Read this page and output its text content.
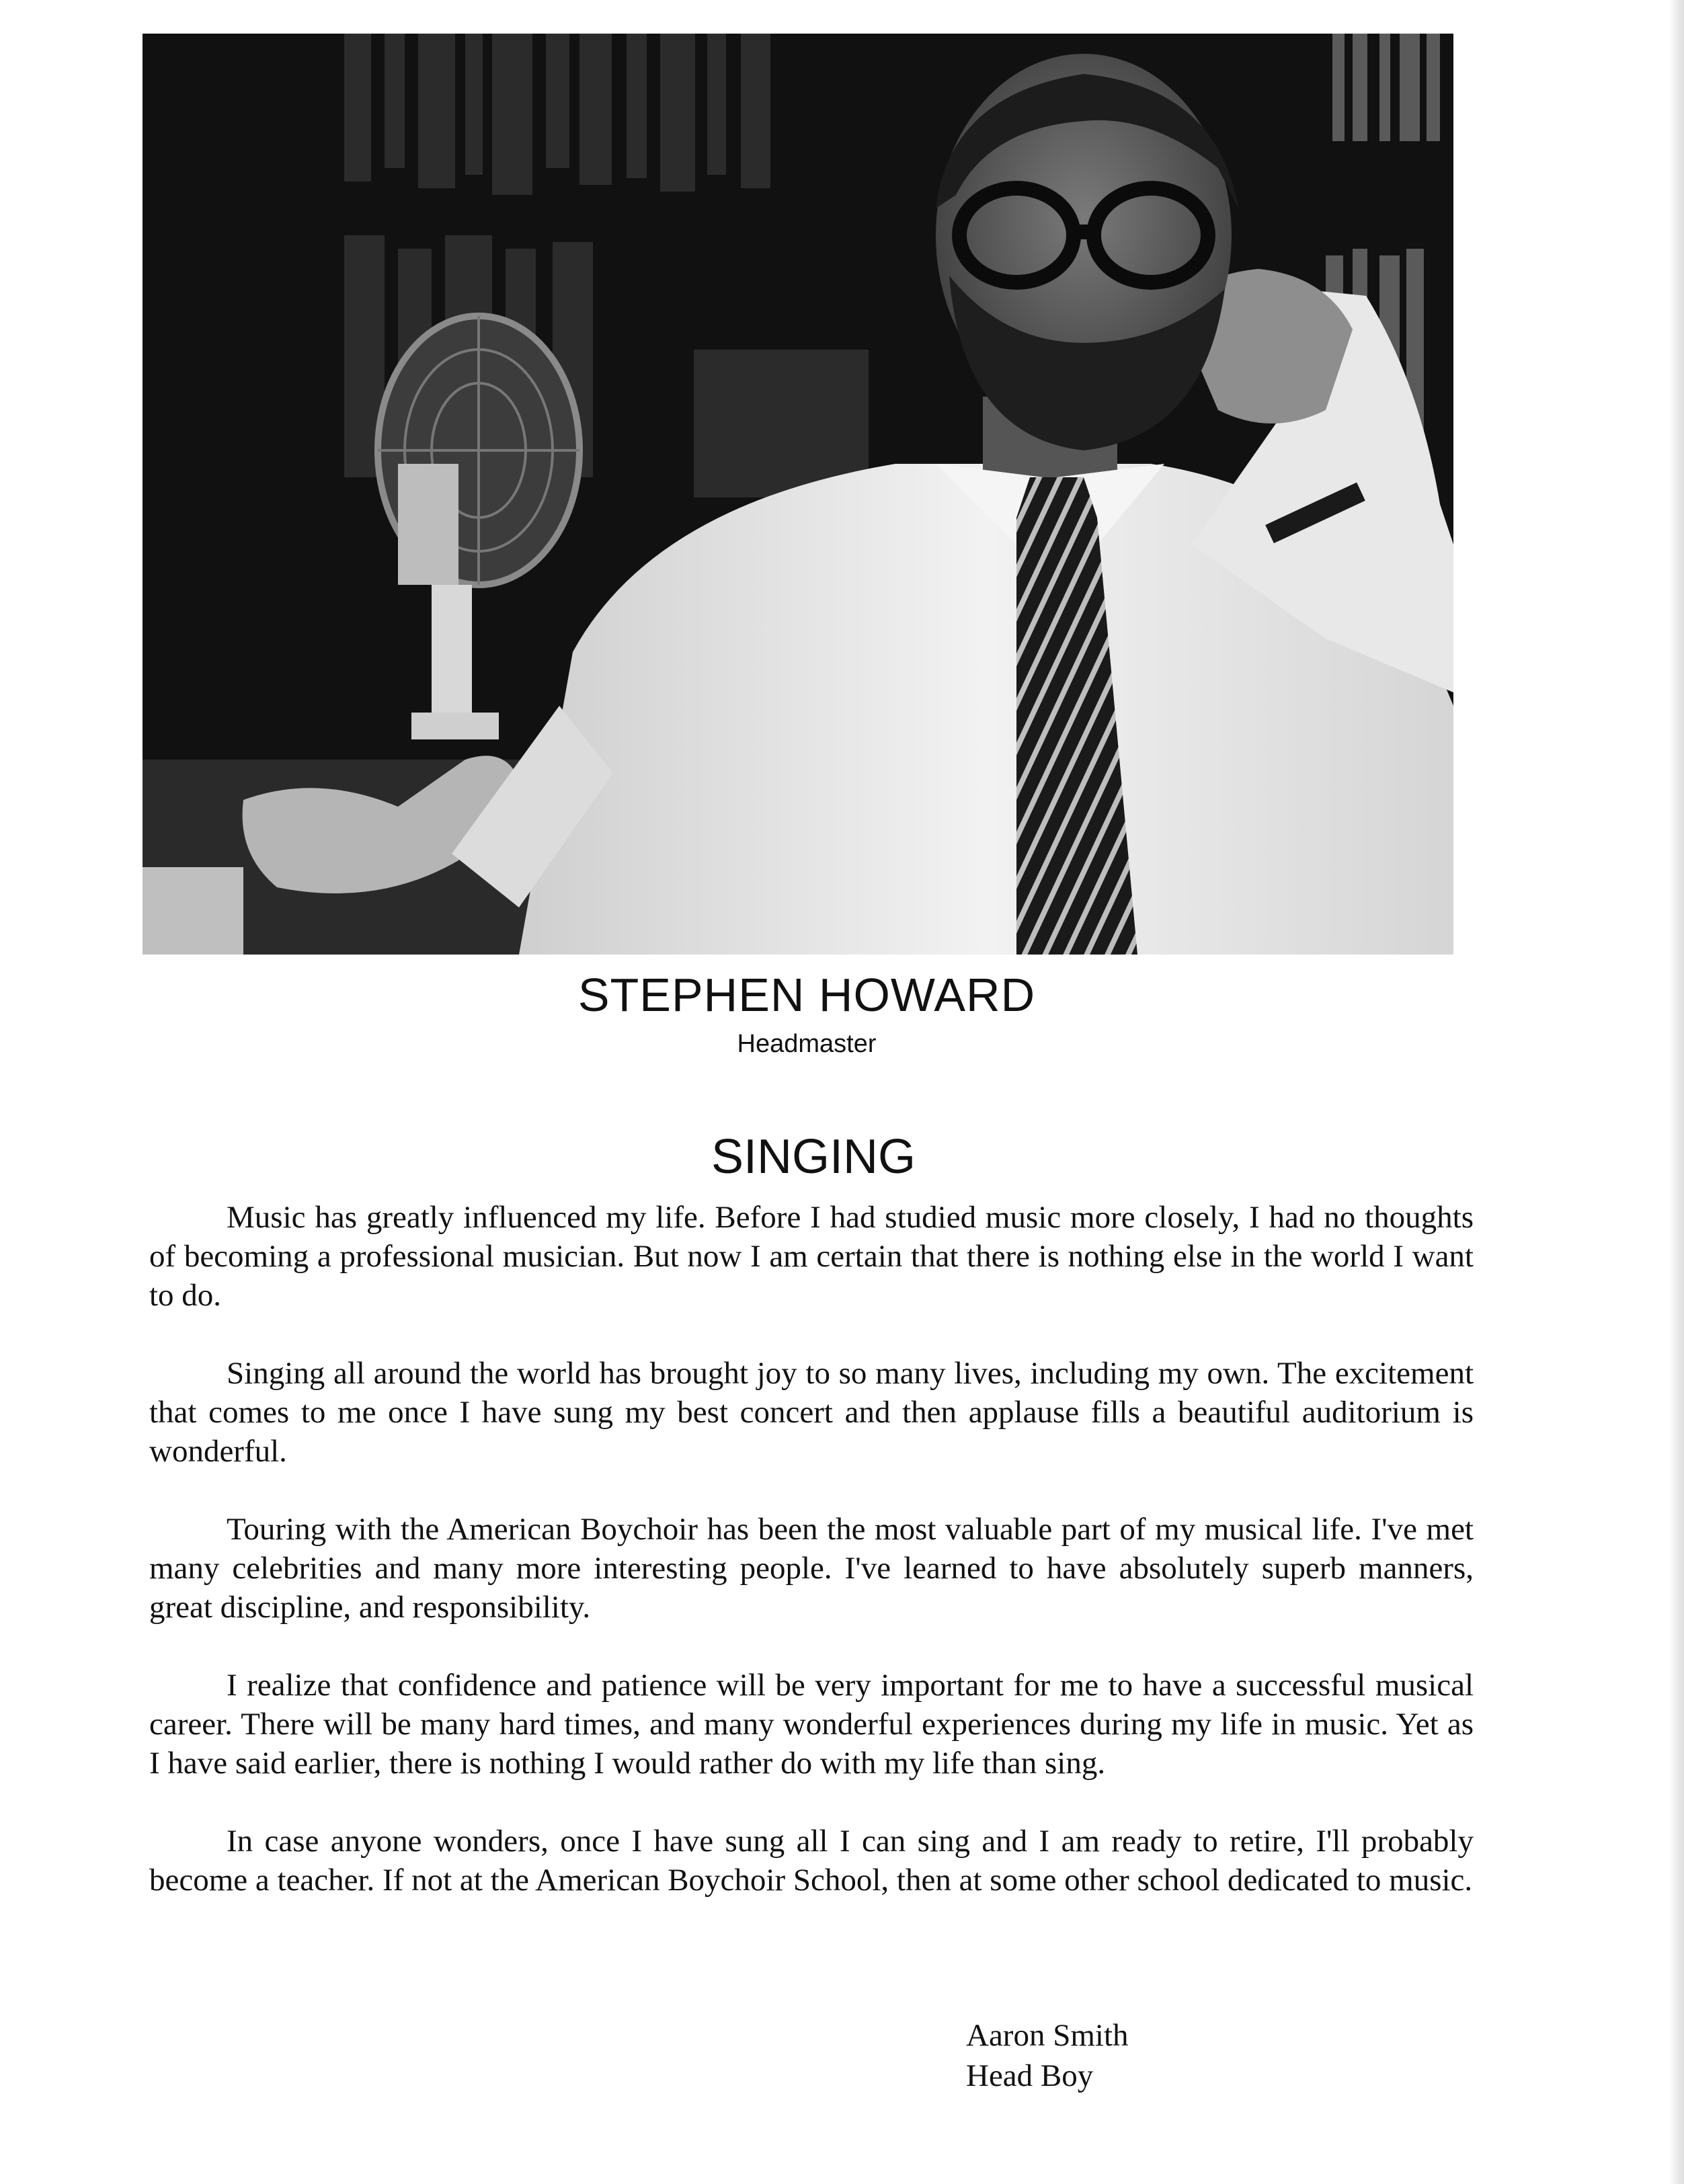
STEPHEN HOWARD
Headmaster
SINGING

Music has greatly influenced my life. Before I had studied music more closely, I had no thoughts of becoming a professional musician. But now I am certain that there is nothing else in the world I want to do.

Singing all around the world has brought joy to so many lives, including my own. The excitement that comes to me once I have sung my best concert and then applause fills a beautiful auditorium is wonderful.

Touring with the American Boychoir has been the most valuable part of my musical life. I've met many celebrities and many more interesting people. I've learned to have absolutely superb manners, great discipline, and responsibility.

I realize that confidence and patience will be very important for me to have a successful musical career. There will be many hard times, and many wonderful experiences during my life in music. Yet as I have said earlier, there is nothing I would rather do with my life than sing.

In case anyone wonders, once I have sung all I can sing and I am ready to retire, I'll probably become a teacher. If not at the American Boychoir School, then at some other school dedicated to music.

Aaron Smith
Head Boy
